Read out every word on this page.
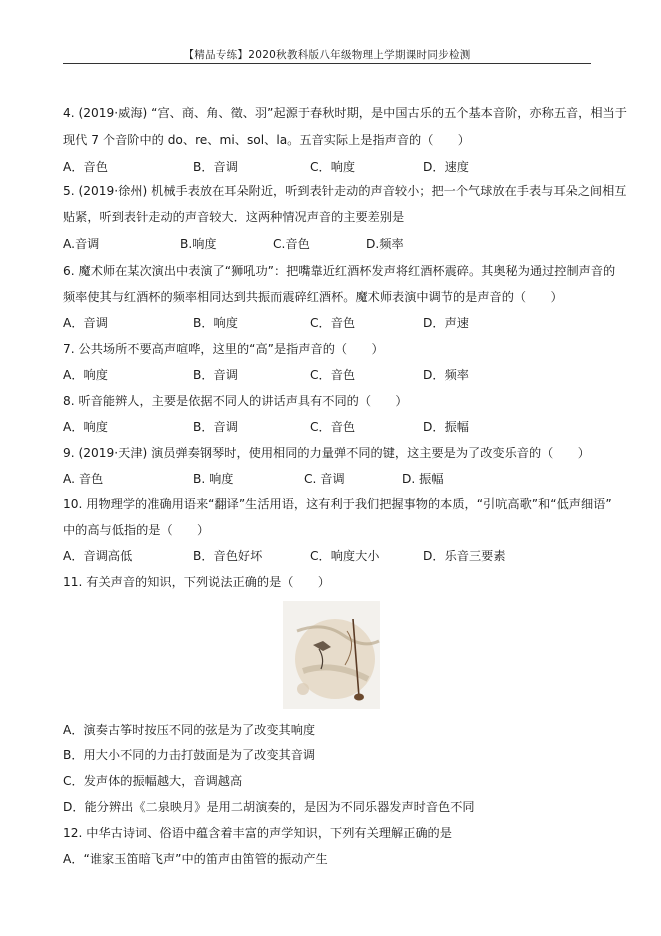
【精品专练】2020秋教科版八年级物理上学期课时同步检测
4. (2019·威海) “宫、商、角、徵、羽”起源于春秋时期，是中国古乐的五个基本音阶，亦称五音，相当于
现代 7 个音阶中的 do、re、mi、sol、la。五音实际上是指声音的（　　）
A．音色	B．音调	C．响度	D．速度
5. (2019·徐州) 机械手表放在耳朵附近，听到表针走动的声音较小；把一个气球放在手表与耳朵之间相互
贴紧，听到表针走动的声音较大．这两种情况声音的主要差别是
A.音调	B.响度	C.音色	D.频率
6. 魔术师在某次演出中表演了“狮吼功”：把嘴靠近红酒杯发声将红酒杯震碎。其奥秘为通过控制声音的
频率使其与红酒杯的频率相同达到共振而震碎红酒杯。魔术师表演中调节的是声音的（　　）
A．音调	B．响度	C．音色	D．声速
7. 公共场所不要高声喧哗，这里的“高”是指声音的（　　）
A．响度	B．音调	C．音色	D．频率
8. 听音能辨人，主要是依据不同人的讲话声具有不同的（　　）
A．响度	B．音调	C．音色	D．振幅
9. (2019·天津) 演员弹奏钢琴时，使用相同的力量弹不同的键，这主要是为了改变乐音的（　　）
A. 音色	B. 响度	C. 音调	D. 振幅
10. 用物理学的准确用语来“翻译”生活用语，这有利于我们把握事物的本质，“引吭高歌”和“低声细语”
中的高与低指的是（　　）
A．音调高低	B．音色好坏	C．响度大小	D．乐音三要素
11. 有关声音的知识，下列说法正确的是（　　）
A．演奏古筝时按压不同的弦是为了改变其响度
B．用大小不同的力击打鼓面是为了改变其音调
C．发声体的振幅越大，音调越高
D．能分辨出《二泉映月》是用二胡演奏的，是因为不同乐器发声时音色不同
12. 中华古诗词、俗语中蕴含着丰富的声学知识，下列有关理解正确的是
A．“谁家玉笛暗飞声”中的笛声由笛管的振动产生
